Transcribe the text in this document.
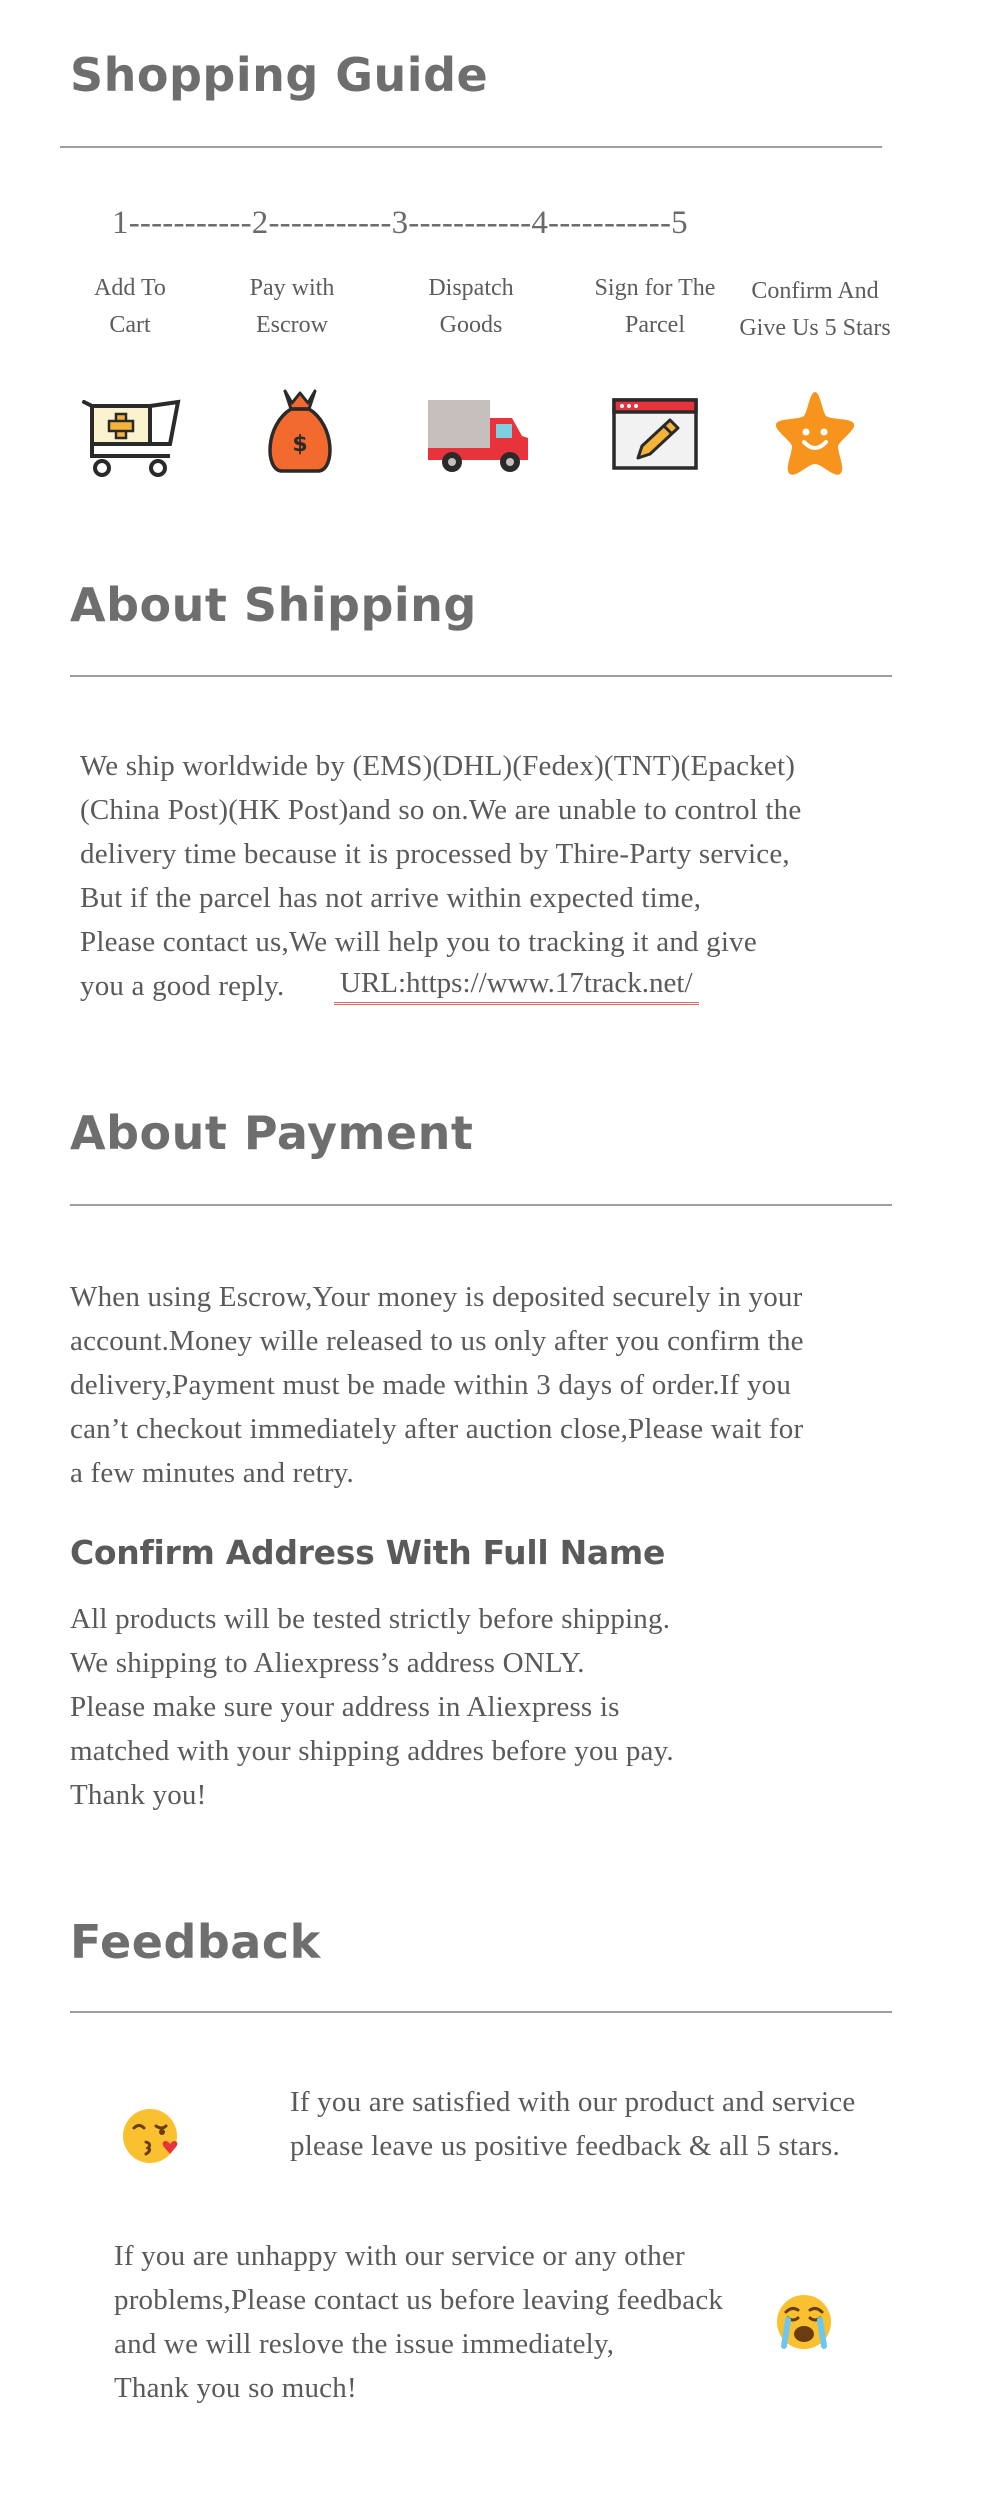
Shopping Guide
1-----------2-----------3-----------4-----------5
Add To
Cart
Pay with
Escrow
Dispatch
Goods
Sign for The
Parcel
Confirm And
Give Us 5 Stars
$
About Shipping

We ship worldwide by (EMS)(DHL)(Fedex)(TNT)(Epacket)

(China Post)(HK Post)and so on.We are unable to control the

delivery time because it is processed by Thire-Party service,

But if the parcel has not arrive within expected time,

Please contact us,We will help you to tracking it and give

you a good reply. URL:https://www.17track.net/
About Payment

When using Escrow,Your money is deposited securely in your

account.Money wille released to us only after you confirm the

delivery,Payment must be made within 3 days of order.If you

can’t checkout immediately after auction close,Please wait for

a few minutes and retry.

Confirm Address With Full Name

All products will be tested strictly before shipping.

We shipping to Aliexpress’s address ONLY.

Please make sure your address in Aliexpress is

matched with your shipping addres before you pay.

Thank you!

Feedback

If you are satisfied with our product and service

please leave us positive feedback & all 5 stars.

If you are unhappy with our service or any other

problems,Please contact us before leaving feedback

and we will reslove the issue immediately,

Thank you so much!
